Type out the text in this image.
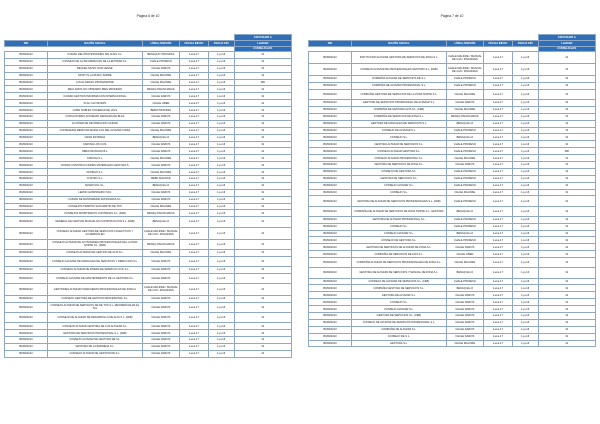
Página 6 de 10
					CRUCIGOR A
NIF	RAZÓN SOCIAL	LÍNEA ADICIÓN	FECHA INICIO	FECHA FIN	LLENAR
					CONSEJALES
B18924010	CIUDAD DEL PROTESSIONES SIN ALAIG S.L.	BENAQUIT PROGRAS	1-ene-17	1-ju-16	31
B18924010	CONSEJO DE LA INFORMACION DE LA ENTIDAD S.L.	CHALE PROFESO	1-ene-17	1-ju-16	31
B18924010	BEQUEL MUSIC SUR GESNE	CHALE DARIVS	1-ene-17	1-ju-16	31
B18924010	MOST IN LA MUSIC SUBRE	CHALE MALINKE	1-ene-17	1-ju-16	31
B18924010	LOCAL ERASO PROFESSIONE	CHALE MALINKE	1-ene-17	1-ju-16	380
B18924010	RECLAMOS NO OBTENIDO BIEN PROFESIN	BENAQ FINANCIADAS	1-ene-17	1-ju-16	31
B18924010	CIUDAD GESTION INFORMACION INTERNACIONAL	CHALE DARIVS	1-ene-17	1-ju-16	31
B18924010	PLAU CLIVISVEPS	CHALE LIBER	1-ene-17	1-ju-16	31
B18924010	CORE NOBLES SOCIEDAD DE VALS	BEBO PROFESO	1-ene-17	1-ju-16	31
B18924010	CONSULTORES SOCIEDAD DENGUES DE BLAS	CHALE DARIVS	1-ene-17	1-ju-16	31
B18924010	CLUSTER DE INFORMACION CIUDAD	CHALE DARIVS	1-ene-17	1-ju-16	31
B18924010	CONSEJERIA MEDICINA MARIA LOS DEL ALTAZAR CIDAS	CHALE MALINKE	1-ene-17	1-ju-16	31
B18924010	GRAN ESTRADA	BENAQ ELLO	1-ene-17	1-ju-16	31
B18924010	CAROSA LOS CIVIL	CHALE DARIVS	1-ene-17	1-ju-16	31
B18924010	OBRA FRANCIAS B.L.	CHALE DARIVS	1-ene-17	1-ju-16	31
B18924010	CAROSA S.L.	CHALE MALINKE	1-ene-17	1-ju-16	31
B18924010	CIUDAD CONSTRUCCIONES MATERIALES GESTORA S.	CHALE DARIVS	1-ene-17	1-ju-16	31
B18924010	DONNAS S.L.	CHALE MALINKE	1-ene-17	1-ju-16	31
B18924010	CUSTRO S.L.	BEBO MALINKE	1-ene-17	1-ju-16	31
B18924010	MASMI SOL S.L.	BENAQ ELLO	1-ene-17	1-ju-16	31
B18924010	LERON GOMPRANDO SOL	CHALE DARIVS	1-ene-17	1-ju-16	31
B18924010	CIUDAD DE MANTERERIA ZAPIONARIA S.L.	CHALE DARIVS	1-ene-17	1-ju-16	31
B18924010	CONSEJOS TIEMPOS SAN MARTIN DE TOS	CHALE MALINKE	1-ene-17	1-ju-16	31
B18924010	CONSEJOS MINISTRADOS CONTRINAS S.L. (FEB)	BENAQ FINANCIADAS	1-ene-17	1-ju-16	31
B18924010	GENERAL DE GESTION MANUAL ES CONSTRUCCION S.L. (FEB)	BENAQ ELLO	1-ene-17	1-ju-16	31
B18924010	CONSEJO ALTAZAR GESTORA DE SERVICIOS COLECTIVOS Y ACUERDOS EN	CHALE MALINKE / MANUAL DE CAS / FINANCIES	1-ene-17	1-ju-16	31
B18924010	CONSEJO ALTAZAR DE ACTIVIDADES PROFESIONALES DE LA ZONA NORTE S.L. (FEB)	BENAQ FINANCIADAS	1-ene-17	1-ju-16	31
B18924010	CONSEJO ALTAZAR DE GESTION DE ALTA S.L.	CHALE MALINKE	1-ene-17	1-ju-16	31
B18924010	CONSEJO ALTAZAR DE MANUALES DE SERVICIOS Y DIRECCION S.L.	CHALE DARIVS	1-ene-17	1-ju-16	31
B18924010	CONSEJO ALTAZAR DE RIVERA DE SERVICIO CIVIL S.L.	CHALE DARIVS	1-ene-17	1-ju-16	31
B18924010	CONSEJO ALTAZAR DE MANTENIMIENTO DE LA GESTORA S.L.	CHALE DARIVS	1-ene-17	1-ju-16	31
B18924010	GESTIONES ALTAZAR FINANCIERAS PROFESIONALES DE ZONA A	CHALE MALINKE / MANUAL DE CAS / FINANCIES	1-ene-17	1-ju-16	31
B18924010	CONSEJO GESTORA DE GESTION PROFESIONAL S.L.	CHALE DARIVS	1-ene-17	1-ju-16	31
B18924010	CONSEJO ALTAZAR DE SERVICIOS DE DE TOS S.L. RESIDENCIALES EL TAL	CHALE DARIVS	1-ene-17	1-ju-16	31
B18924010	CONSEJO DE ALTAZAR DE DESARROLLO DE ALTA S.L. (FEB)	CHALE DARIVS	1-ene-17	1-ju-16	31
B18924010	CONSEJO ALTAZAR GESTORA DE LOS ALTAZAR S.L.	CHALE DARIVS	1-ene-17	1-ju-16	31
B18924010	GESTORA DE SERVICIOS PROFESIONAL S.L. (FEB)	CHALE DARIVS	1-ene-17	1-ju-16	31
B18924010	CONSEJO ALTAZAR DE GESTORA DE S.L.	CHALE DARIVS	1-ene-17	1-ju-16	31
B18924010	GESTORA DE LA BARRENA S.L.	CHALE DARIVS	1-ene-17	1-ju-16	31
B18924010	CONSEJO ALTAZAR DE GESTION DE S.L.	CHALE DARIVS	1-ene-17	1-ju-16	31
Página 7 de 10
					CRUCIGOR A
NIF	RAZÓN SOCIAL	LÍNEA ADICIÓN	FECHA INICIO	FECHA FIN	LLENAR
					CONSEJALES
B18924010	INSTITUCION ALTAZAR GESTORA DE SERVICIOS DE ZONA S.L.	CHALE MALINKE / MANUAL DE CAS / FINANCIES	1-ene-17	1-ju-16	31
B18924010	CONSEJO ALTAZAR DE PROFESIONALES GESTORA S.L. (FEB)	CHALE MALINKE / MANUAL DE CAS / FINANCIES	1-ene-17	1-ju-16	31
B18924010	COMPAÑIA ALTAZAR DE SERVICIOS DE S.L.	CHALE PROFESO	1-ene-17	1-ju-16	31
B18924010	COMPAÑIA DE ALTAZAR PROFESIONAL S.L.	CHALE PROFESO	1-ene-17	1-ju-16	31
B18924010	COMPAÑIA GESTORA DE SERVICIOS DE LA ZONA NORTE S.L.	CHALE MALINKE	1-ene-17	1-ju-16	31
B18924010	GESTORA DE SERVICIOS PROFESIONAL DE ALTAZAR S.L.	CHALE DARIVS	1-ene-17	1-ju-16	31
B18924010	COMPAÑIA DE GESTORA ALTA S.L. (FEB)	CHALE MALINKE	1-ene-17	1-ju-16	31
B18924010	COMPAÑIA DE SERVICIOS DE ZONA S.L.	BENAQ FINANCIADAS	1-ene-17	1-ju-16	31
B18924010	GESTORA DE MANUALES DE SERVICIOS S.L.	BENAQ ELLO	1-ene-17	1-ju-16	31
B18924010	CONSEJO DE ALTAZAR S.L.	CHALE PROFESO	1-ene-17	1-ju-16	31
B18924010	CONSEJO S.L.	BENAQ ELLO	1-ene-17	1-ju-16	31
B18924010	GESTORA ALTAZAR DE SERVICIOS S.L.	CHALE PROFESO	1-ene-17	1-ju-16	31
B18924010	CONSEJO ALTAZAR GESTORA S.L.	CHALE PROFESO	1-ene-17	1-ju-16	380
B18924010	CONSEJO ALTAZAR PROFESIONAL S.L.	CHALE MALINKE	1-ene-17	1-ju-16	31
B18924010	GESTORA DE SERVICIOS DE ZONA S.L.	CHALE DARIVS	1-ene-17	1-ju-16	31
B18924010	CONSEJO DE GESTORA S.L.	CHALE PROFESO	1-ene-17	1-ju-16	31
B18924010	GESTORA DE SERVICIOS S.L.	CHALE PROFESO	1-ene-17	1-ju-16	31
B18924010	CONSEJO ALTAZAR S.L.	CHALE PROFESO	1-ene-17	1-ju-16	31
B18924010	CONSEJO S.L.	CHALE MALINKE	1-ene-17	1-ju-16	31
B18924010	GESTORA DE ALTAZAR DE SERVICIOS PROFESIONALES S.L. (FEB)	CHALE PROFESO	1-ene-17	1-ju-16	31
B18924010	COMPAÑIA DE ALTAZAR DE SERVICIOS DE ZONA NORTE S.L. GESTORA	BENAQ ELLO	1-ene-17	1-ju-16	31
B18924010	GESTORA DE ALTAZAR PROFESIONAL S.L.	CHALE PROFESO	1-ene-17	1-ju-16	31
B18924010	CONSEJO S.L.	CHALE PROFESO	1-ene-17	1-ju-16	31
B18924010	CONSEJO ALTAZAR S.L.	BENAQ ELLO	1-ene-17	1-ju-16	31
B18924010	CONSEJO DE GESTORA S.L.	CHALE PROFESO	1-ene-17	1-ju-16	31
B18924010	GESTORA DE SERVICIOS DE ALTAZAR DE ZONA S.L.	CHALE DARIVS	1-ene-17	1-ju-16	31
B18924010	COMPAÑIA DE SERVICIOS DE ALTA S.L.	CHALE LIBER	1-ene-17	1-ju-16	31
B18924010	COMPAÑIA ALTAZAR DE SERVICIOS PROFESIONALES DE ZONA S.L.	CHALE MALINKE	1-ene-17	1-ju-16	31
B18924010	GESTORA DE ALTAZAR DE SERVICIOS Y MANUAL DE ZONA S.L.	BENAQ ELLO	1-ene-17	1-ju-16	31
B18924010	CONSEJO DE ALTAZAR DE SERVICIOS S.L. (FEB)	CHALE PROFESO	1-ene-17	1-ju-16	31
B18924010	COMPAÑIA GESTORA DE SERVICIOS S.L.	BENAQ ELLO	1-ene-17	1-ju-16	31
B18924010	GESTORA DE ALTAZAR S.L.	CHALE DARIVS	1-ene-17	1-ju-16	31
B18924010	CONSEJO S.L.	CHALE DARIVS	1-ene-17	1-ju-16	31
B18924010	CONSEJO ALTAZAR S.L.	CHALE DARIVS	1-ene-17	1-ju-16	31
B18924010	GESTORA DE SERVICIOS S.L. (FEB)	CHALE DARIVS	1-ene-17	1-ju-16	31
B18924010	CONSEJO DE ALTAZAR DE SERVICIOS PROFESIONAL S.L.	CHALE DARIVS	1-ene-17	1-ju-16	31
B18924010	COMPAÑIA DE ALTAZAR S.L.	CHALE DARIVS	1-ene-17	1-ju-16	31
B18924010	CONSEJO DE S.L.	CHALE DARIVS	1-ene-17	1-ju-16	31
B18924010	GESTORA S.L.	CHALE MALINKE	1-ene-17	1-ju-16	31
